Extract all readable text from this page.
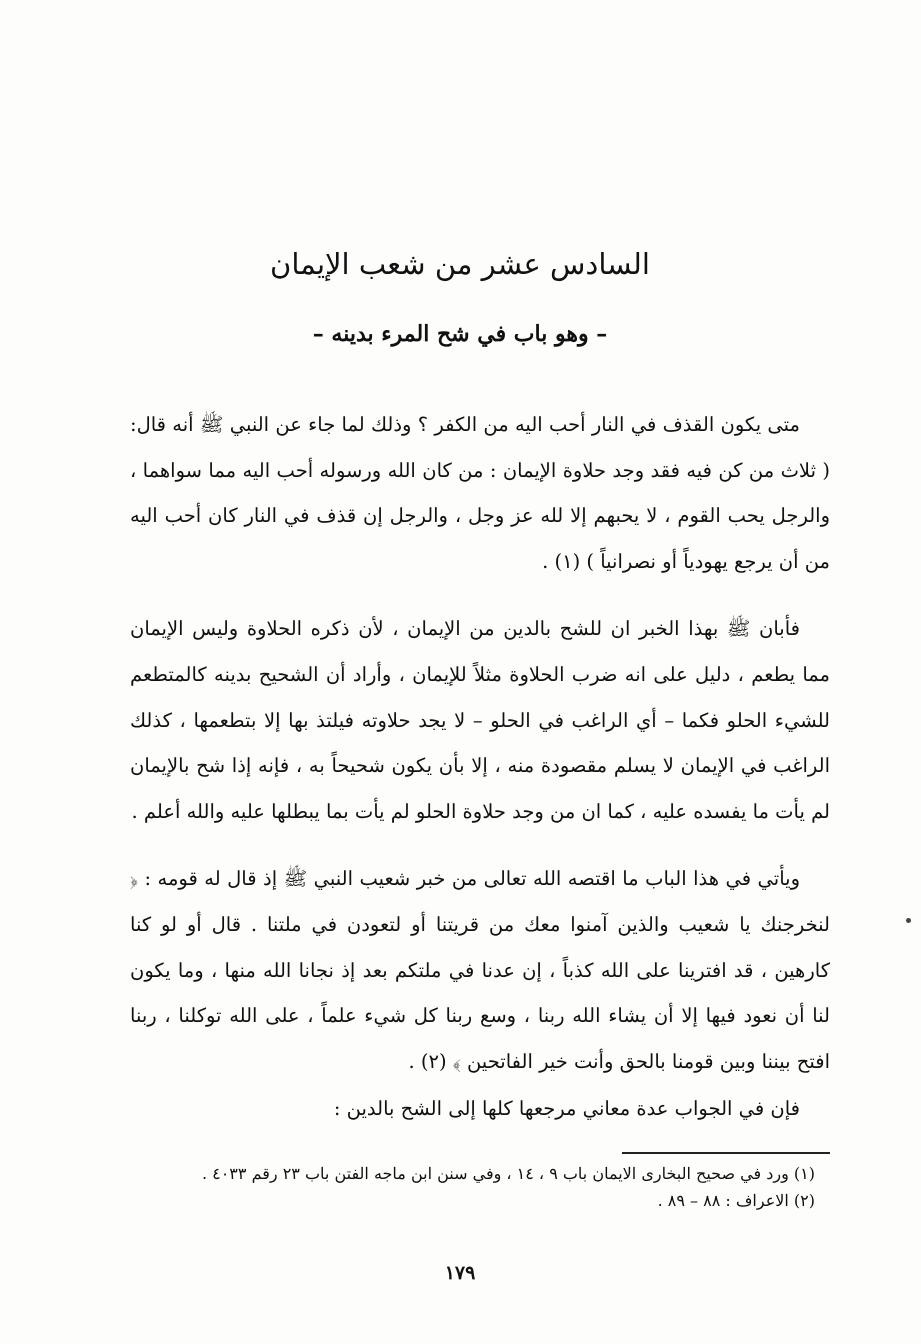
السادس عشر من شعب الإيمان
– وهو باب في شح المرء بدينه –

متى يكون القذف في النار أحب اليه من الكفر ؟ وذلك لما جاء عن النبي ﷺ أنه قال: ( ثلاث من كن فيه فقد وجد حلاوة الإيمان : من كان الله ورسوله أحب اليه مما سواهما ، والرجل يحب القوم ، لا يحبهم إلا لله عز وجل ، والرجل إن قذف في النار كان أحب اليه من أن يرجع يهودياً أو نصرانياً ) (١) .

فأبان ﷺ بهذا الخبر ان للشح بالدين من الإيمان ، لأن ذكره الحلاوة وليس الإيمان مما يطعم ، دليل على انه ضرب الحلاوة مثلاً للإيمان ، وأراد أن الشحيح بدينه كالمتطعم للشيء الحلو فكما – أي الراغب في الحلو – لا يجد حلاوته فيلتذ بها إلا بتطعمها ، كذلك الراغب في الإيمان لا يسلم مقصودة منه ، إلا بأن يكون شحيحاً به ، فإنه إذا شح بالإيمان لم يأت ما يفسده عليه ، كما ان من وجد حلاوة الحلو لم يأت بما يبطلها عليه والله أعلم .

ويأتي في هذا الباب ما اقتصه الله تعالى من خبر شعيب النبي ﷺ إذ قال له قومه : ﴿ لنخرجنك يا شعيب والذين آمنوا معك من قريتنا أو لتعودن في ملتنا . قال أو لو كنا كارهين ، قد افترينا على الله كذباً ، إن عدنا في ملتكم بعد إذ نجانا الله منها ، وما يكون لنا أن نعود فيها إلا أن يشاء الله ربنا ، وسع ربنا كل شيء علماً ، على الله توكلنا ، ربنا افتح بيننا وبين قومنا بالحق وأنت خير الفاتحين ﴾ (٢) .

فإن في الجواب عدة معاني مرجعها كلها إلى الشح بالدين :

(١) ورد في صحيح البخارى الايمان باب ٩ ، ١٤ ، وفي سنن ابن ماجه الفتن باب ٢٣ رقم ٤٠٣٣ .

(٢) الاعراف : ٨٨ – ٨٩ .

١٧٩
